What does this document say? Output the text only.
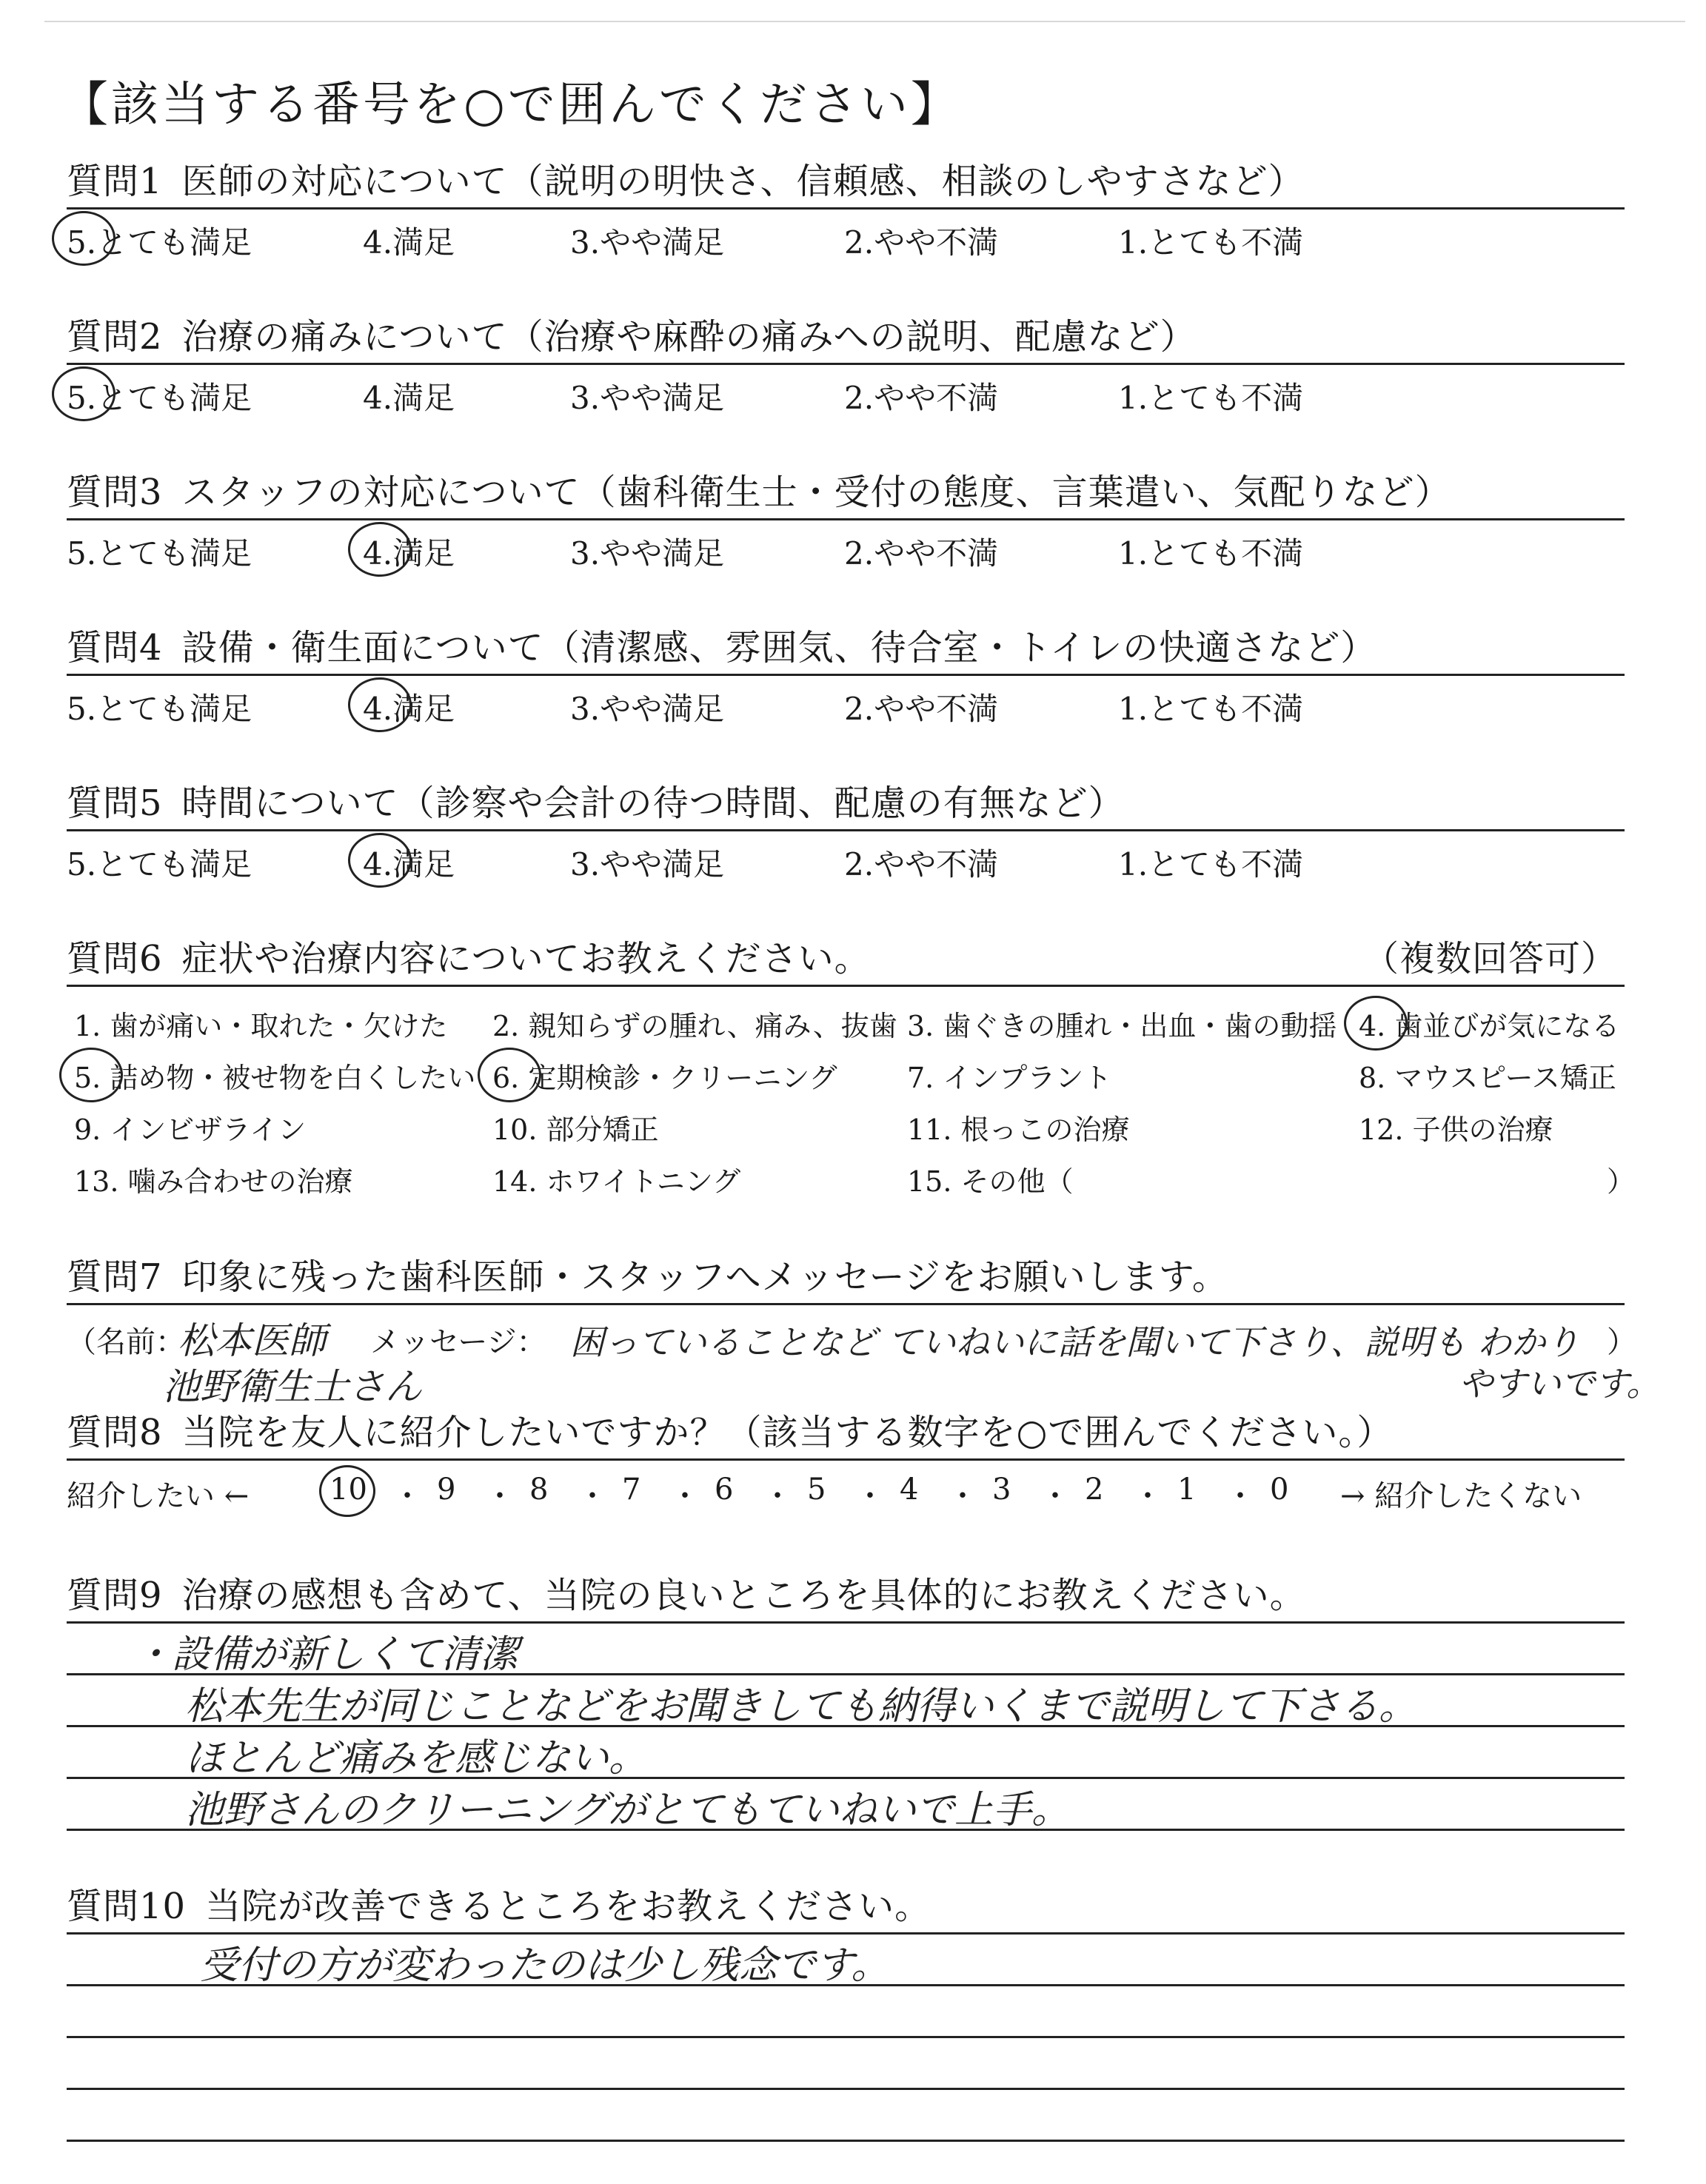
【該当する番号を○で囲んでください】
質問1 医師の対応について（説明の明快さ、信頼感、相談のしやすさなど）
5.とても満足	4.満足	3.やや満足	2.やや不満	1.とても不満
質問2 治療の痛みについて（治療や麻酔の痛みへの説明、配慮など）
5.とても満足	4.満足	3.やや満足	2.やや不満	1.とても不満
質問3 スタッフの対応について（歯科衛生士・受付の態度、言葉遣い、気配りなど）
5.とても満足	4.満足	3.やや満足	2.やや不満	1.とても不満
質問4 設備・衛生面について（清潔感、雰囲気、待合室・トイレの快適さなど）
5.とても満足	4.満足	3.やや満足	2.やや不満	1.とても不満
質問5 時間について（診察や会計の待つ時間、配慮の有無など）
5.とても満足	4.満足	3.やや満足	2.やや不満	1.とても不満
質問6 症状や治療内容についてお教えください。	（複数回答可）
1. 歯が痛い・取れた・欠けた 2. 親知らずの腫れ、痛み、抜歯 3. 歯ぐきの腫れ・出血・歯の動揺 4. 歯並びが気になる
5. 詰め物・被せ物を白くしたい 6. 定期検診・クリーニング 7. インプラント	8. マウスピース矯正
9. インビザライン	10. 部分矯正	11. 根っこの治療	12. 子供の治療
13. 噛み合わせの治療	14. ホワイトニング	15. その他（	）
質問7 印象に残った歯科医師・スタッフへメッセージをお願いします。
（名前：
松本医師
池野衛生士さん
メッセージ： 困っていることなど ていねいに話を聞いて下さり、説明も わかり
やすいです。
）
質問8 当院を友人に紹介したいですか？（該当する数字を○で囲んでください。）
紹介したい ←	10 ・ 9 ・ 8 ・ 7 ・ 6 ・ 5 ・ 4 ・ 3 ・ 2 ・ 1 ・ 0 → 紹介したくない
質問9 治療の感想も含めて、当院の良いところを具体的にお教えください。
・設備が新しくて清潔
松本先生が同じことなどをお聞きしても納得いくまで説明して下さる。
ほとんど痛みを感じない。
池野さんのクリーニングがとてもていねいで上手。
質問10 当院が改善できるところをお教えください。
受付の方が変わったのは少し残念です。
